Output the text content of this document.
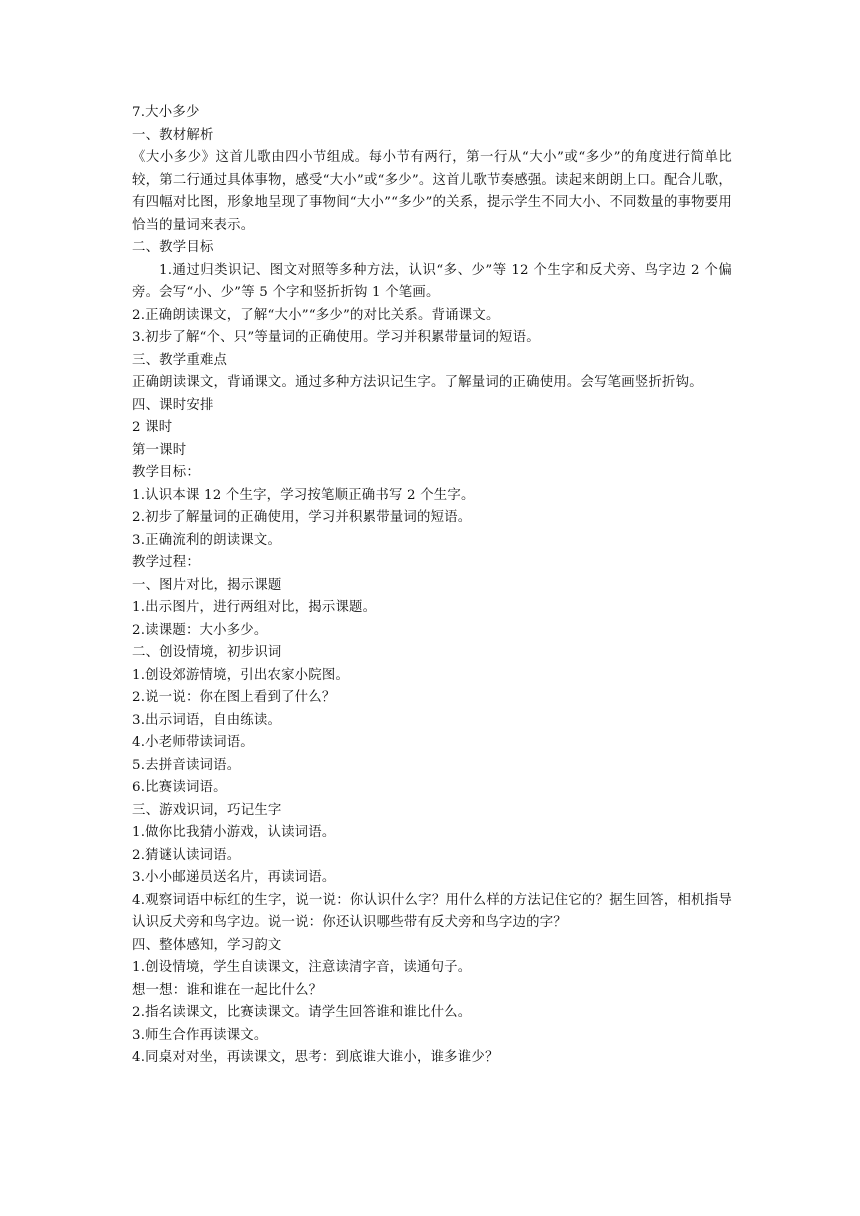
7.大小多少
一、教材解析
《大小多少》这首儿歌由四小节组成。每小节有两行，第一行从“大小”或“多少”的角度进行简单比较，第二行通过具体事物，感受“大小”或“多少”。这首儿歌节奏感强。读起来朗朗上口。配合儿歌，有四幅对比图，形象地呈现了事物间“大小”“多少”的关系，提示学生不同大小、不同数量的事物要用恰当的量词来表示。
二、教学目标
1.通过归类识记、图文对照等多种方法，认识“多、少”等 12 个生字和反犬旁、鸟字边 2 个偏旁。会写“小、少”等 5 个字和竖折折钩 1 个笔画。
2.正确朗读课文，了解“大小”“多少”的对比关系。背诵课文。
3.初步了解“个、只”等量词的正确使用。学习并积累带量词的短语。
三、教学重难点
正确朗读课文，背诵课文。通过多种方法识记生字。了解量词的正确使用。会写笔画竖折折钩。
四、课时安排
2 课时
第一课时
教学目标：
1.认识本课 12 个生字，学习按笔顺正确书写 2 个生字。
2.初步了解量词的正确使用，学习并积累带量词的短语。
3.正确流利的朗读课文。
教学过程：
一、图片对比，揭示课题
1.出示图片，进行两组对比，揭示课题。
2.读课题：大小多少。
二、创设情境，初步识词
1.创设郊游情境，引出农家小院图。
2.说一说：你在图上看到了什么？
3.出示词语，自由练读。
4.小老师带读词语。
5.去拼音读词语。
6.比赛读词语。
三、游戏识词，巧记生字
1.做你比我猜小游戏，认读词语。
2.猜谜认读词语。
3.小小邮递员送名片，再读词语。
4.观察词语中标红的生字，说一说：你认识什么字？用什么样的方法记住它的？据生回答，相机指导认识反犬旁和鸟字边。说一说：你还认识哪些带有反犬旁和鸟字边的字？
四、整体感知，学习韵文
1.创设情境，学生自读课文，注意读清字音，读通句子。
想一想：谁和谁在一起比什么？
2.指名读课文，比赛读课文。请学生回答谁和谁比什么。
3.师生合作再读课文。
4.同桌对对坐，再读课文，思考：到底谁大谁小，谁多谁少？
